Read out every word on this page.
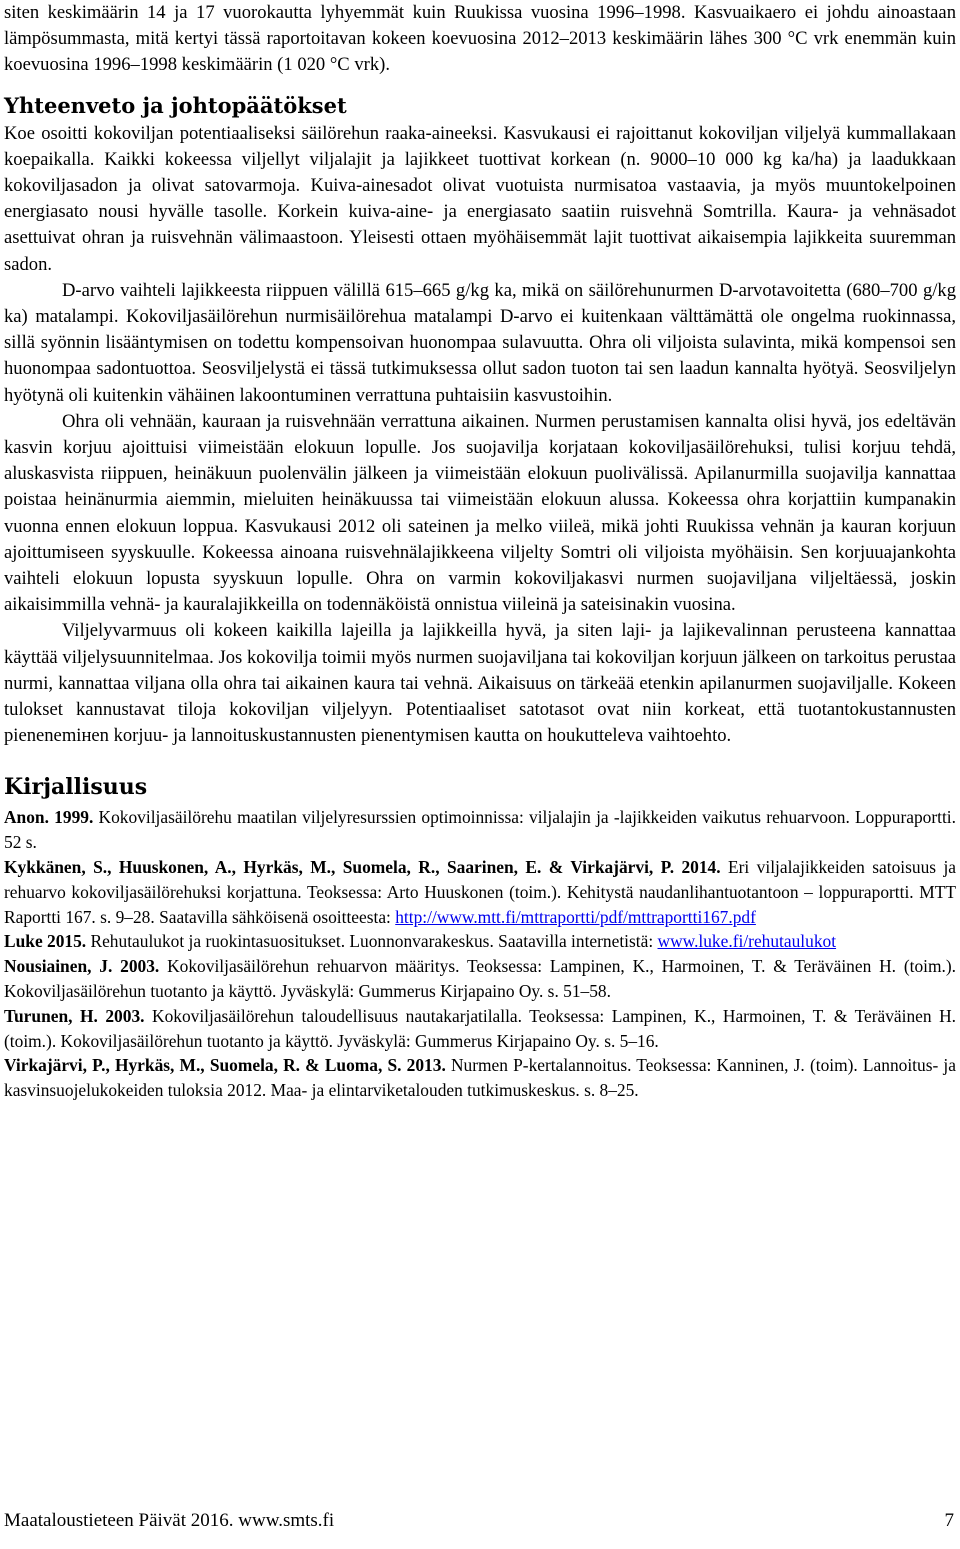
siten keskimäärin 14 ja 17 vuorokautta lyhyemmät kuin Ruukissa vuosina 1996–1998. Kasvuaikaero ei johdu ainoastaan lämpösummasta, mitä kertyi tässä raportoitavan kokeen koevuosina 2012–2013 keskimäärin lähes 300 °C vrk enemmän kuin koevuosina 1996–1998 keskimäärin (1 020 °C vrk).

Yhteenveto ja johtopäätökset

Koe osoitti kokoviljan potentiaaliseksi säilörehun raaka-aineeksi. Kasvukausi ei rajoittanut kokoviljan viljelyä kummallakaan koepaikalla. Kaikki kokeessa viljellyt viljalajit ja lajikkeet tuottivat korkean (n. 9000–10 000 kg ka/ha) ja laadukkaan kokoviljasadon ja olivat satovarmoja. Kuiva-ainesadot olivat vuotuista nurmisatoa vastaavia, ja myös muuntokelpoinen energiasato nousi hyvälle tasolle. Korkein kuiva-aine- ja energiasato saatiin ruisvehnä Somtrilla. Kaura- ja vehnäsadot asettuivat ohran ja ruisvehnän välimaastoon. Yleisesti ottaen myöhäisemmät lajit tuottivat aikaisempia lajikkeita suuremman sadon.

D-arvo vaihteli lajikkeesta riippuen välillä 615–665 g/kg ka, mikä on säilörehunurmen D-arvotavoitetta (680–700 g/kg ka) matalampi. Kokoviljasäilörehun nurmisäilörehua matalampi D-arvo ei kuitenkaan välttämättä ole ongelma ruokinnassa, sillä syönnin lisääntymisen on todettu kompensoivan huonompaa sulavuutta. Ohra oli viljoista sulavinta, mikä kompensoi sen huonompaa sadontuottoa. Seosviljelystä ei tässä tutkimuksessa ollut sadon tuoton tai sen laadun kannalta hyötyä. Seosviljelyn hyötynä oli kuitenkin vähäinen lakoontuminen verrattuna puhtaisiin kasvustoihin.

Ohra oli vehnään, kauraan ja ruisvehnään verrattuna aikainen. Nurmen perustamisen kannalta olisi hyvä, jos edeltävän kasvin korjuu ajoittuisi viimeistään elokuun lopulle. Jos suojavilja korjataan kokoviljasäilörehuksi, tulisi korjuu tehdä, aluskasvista riippuen, heinäkuun puolenvälin jälkeen ja viimeistään elokuun puolivälissä. Apilanurmilla suojavilja kannattaa poistaa heinänurmia aiemmin, mieluiten heinäkuussa tai viimeistään elokuun alussa. Kokeessa ohra korjattiin kumpanakin vuonna ennen elokuun loppua. Kasvukausi 2012 oli sateinen ja melko viileä, mikä johti Ruukissa vehnän ja kauran korjuun ajoittumiseen syyskuulle. Kokeessa ainoana ruisvehnälajikkeena viljelty Somtri oli viljoista myöhäisin. Sen korjuuajankohta vaihteli elokuun lopusta syyskuun lopulle. Ohra on varmin kokoviljakasvi nurmen suojaviljana viljeltäessä, joskin aikaisimmilla vehnä- ja kauralajikkeilla on todennäköistä onnistua viileinä ja sateisinakin vuosina.

Viljelyvarmuus oli kokeen kaikilla lajeilla ja lajikkeilla hyvä, ja siten laji- ja lajikevalinnan perusteena kannattaa käyttää viljelysuunnitelmaa. Jos kokovilja toimii myös nurmen suojaviljana tai kokoviljan korjuun jälkeen on tarkoitus perustaa nurmi, kannattaa viljana olla ohra tai aikainen kaura tai vehnä. Aikaisuus on tärkeää etenkin apilanurmen suojaviljalle. Kokeen tulokset kannustavat tiloja kokoviljan viljelyyn. Potentiaaliset satotasot ovat niin korkeat, että tuotantokustannusten pienenemінen korjuu- ja lannoituskustannusten pienentymisen kautta on houkutteleva vaihtoehto.

Kirjallisuus

Anon. 1999. Kokoviljasäilörehu maatilan viljelyresurssien optimoinnissa: viljalajin ja -lajikkeiden vaikutus rehuarvoon. Loppuraportti. 52 s.

Kykkänen, S., Huuskonen, A., Hyrkäs, M., Suomela, R., Saarinen, E. & Virkajärvi, P. 2014. Eri viljalajikkeiden satoisuus ja rehuarvo kokoviljasäilörehuksi korjattuna. Teoksessa: Arto Huuskonen (toim.). Kehitystä naudanlihantuotantoon – loppuraportti. MTT Raportti 167. s. 9–28. Saatavilla sähköisenä osoitteesta: http://www.mtt.fi/mttraportti/pdf/mttraportti167.pdf

Luke 2015. Rehutaulukot ja ruokintasuositukset. Luonnonvarakeskus. Saatavilla internetistä: www.luke.fi/rehutaulukot

Nousiainen, J. 2003. Kokoviljasäilörehun rehuarvon määritys. Teoksessa: Lampinen, K., Harmoinen, T. & Teräväinen H. (toim.). Kokoviljasäilörehun tuotanto ja käyttö. Jyväskylä: Gummerus Kirjapaino Oy. s. 51–58.

Turunen, H. 2003. Kokoviljasäilörehun taloudellisuus nautakarjatilalla. Teoksessa: Lampinen, K., Harmoinen, T. & Teräväinen H. (toim.). Kokoviljasäilörehun tuotanto ja käyttö. Jyväskylä: Gummerus Kirjapaino Oy. s. 5–16.

Virkajärvi, P., Hyrkäs, M., Suomela, R. & Luoma, S. 2013. Nurmen P-kertalannoitus. Teoksessa: Kanninen, J. (toim). Lannoitus- ja kasvinsuojelukokeiden tuloksia 2012. Maa- ja elintarviketalouden tutkimuskeskus. s. 8–25.

Maataloustieteen Päivät 2016. www.smts.fi	7
